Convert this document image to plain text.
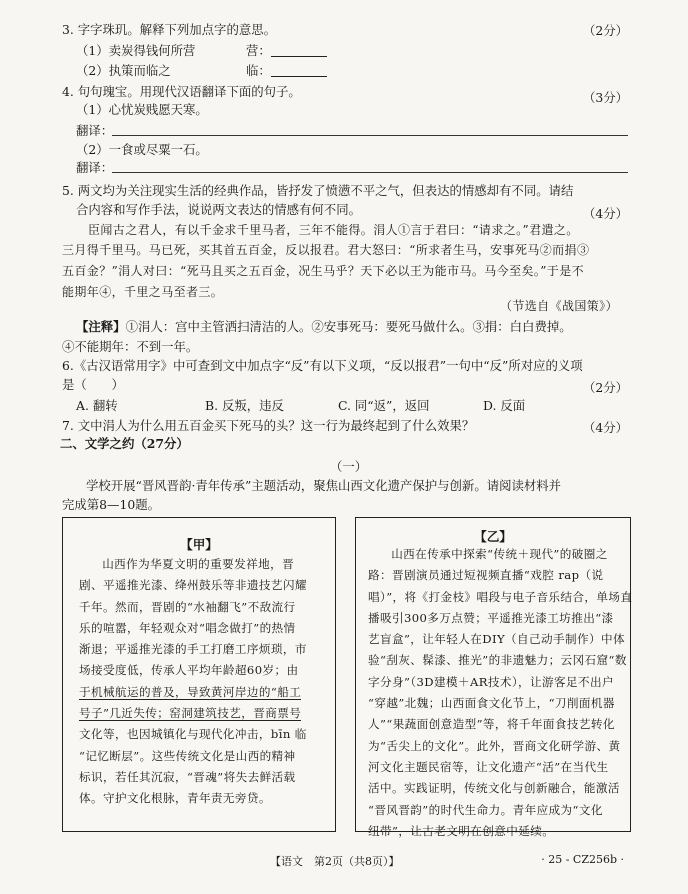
3. 字字珠玑。解释下列加点字的意思。	（2分）
（1）卖炭得钱何所营	营：
（2）执策而临之	临：
4. 句句瑰宝。用现代汉语翻译下面的句子。	（3分）
（1）心忧炭贱愿天寒。
翻译：
（2）一食或尽粟一石。
翻译：
5. 两文均为关注现实生活的经典作品，皆抒发了愤懑不平之气，但表达的情感却有不同。请结
合内容和写作手法，说说两文表达的情感有何不同。	（4分）
臣闻古之君人，有以千金求千里马者，三年不能得。涓人①言于君曰：“请求之。”君遣之。
三月得千里马。马已死，买其首五百金，反以报君。君大怒曰：“所求者生马，安事死马②而捐③
五百金？”涓人对曰：“死马且买之五百金，况生马乎？天下必以王为能市马。马今至矣。”于是不
能期年④，千里之马至者三。
（节选自《战国策》）
【注释】①涓人：宫中主管洒扫清洁的人。②安事死马：要死马做什么。③捐：白白费掉。
④不能期年：不到一年。
6.《古汉语常用字》中可查到文中加点字“反”有以下义项，“反以报君”一句中“反”所对应的义项
是（　　）	（2分）
A. 翻转	B. 反叛，违反	C. 同“返”，返回	D. 反面
7. 文中涓人为什么用五百金买下死马的头？这一行为最终起到了什么效果？	（4分）
二、文学之约（27分）
（一）
学校开展“晋风晋韵·青年传承”主题活动，聚焦山西文化遗产保护与创新。请阅读材料并
完成第8—10题。
【甲】
山西作为华夏文明的重要发祥地，晋
剧、平遥推光漆、绛州鼓乐等非遗技艺闪耀
千年。然而，晋剧的“水袖翻飞”不敌流行
乐的喧嚣，年轻观众对“唱念做打”的热情
渐退；平遥推光漆的手工打磨工序烦琐，市
场接受度低，传承人平均年龄超60岁；由
于机械航运的普及，导致黄河岸边的“船工
号子”几近失传；窑洞建筑技艺，晋商票号
文化等，也因城镇化与现代化冲击，bīn 临
“记忆断层”。这些传统文化是山西的精神
标识，若任其沉寂，“晋魂”将失去鲜活载
体。守护文化根脉，青年责无旁贷。
【乙】
山西在传承中探索“传统＋现代”的破圈之
路：晋剧演员通过短视频直播“戏腔 rap（说
唱）”，将《打金枝》唱段与电子音乐结合，单场直
播吸引300多万点赞；平遥推光漆工坊推出“漆
艺盲盒”，让年轻人在DIY（自己动手制作）中体
验“刮灰、髹漆、推光”的非遗魅力；云冈石窟“数
字分身”（3D建模＋AR技术），让游客足不出户
“穿越”北魏；山西面食文化节上，“刀削面机器
人”“果蔬面创意造型”等，将千年面食技艺转化
为“舌尖上的文化”。此外，晋商文化研学游、黄
河文化主题民宿等，让文化遗产“活”在当代生
活中。实践证明，传统文化与创新融合，能激活
“晋风晋韵”的时代生命力。青年应成为“文化
纽带”，让古老文明在创意中延续。
【语文　第2页（共8页）】	· 25 - CZ256b ·
